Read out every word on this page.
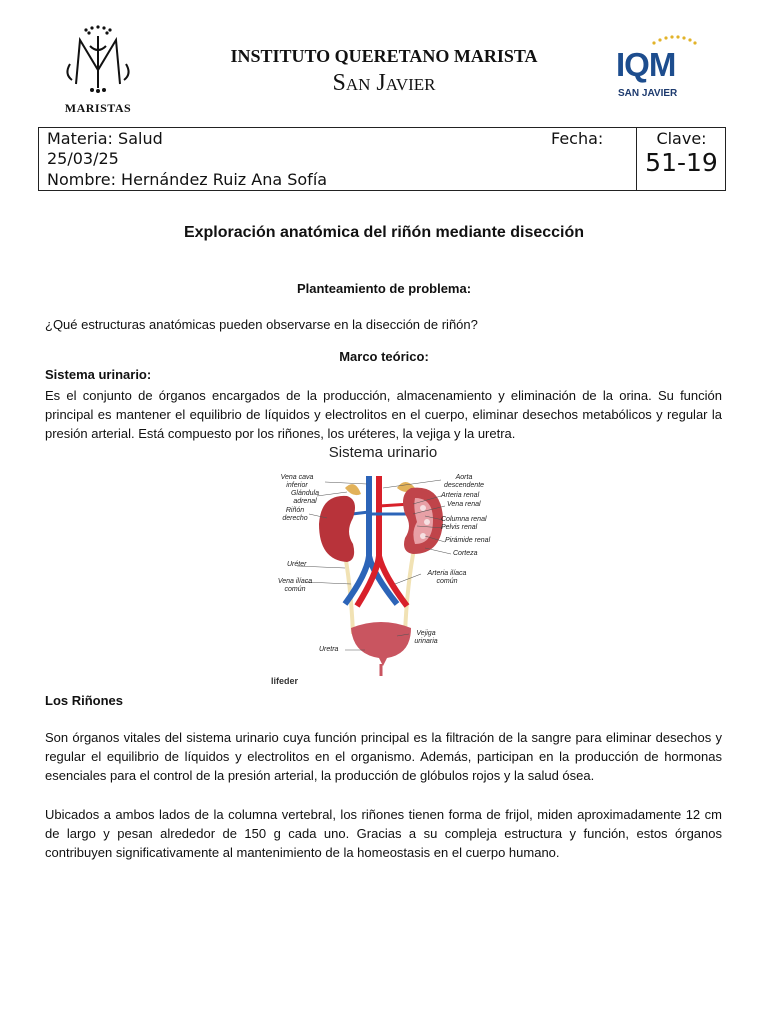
MARISTAS
INSTITUTO QUERETANO MARISTA
San Javier	IQM
SAN JAVIER
Materia: Salud
25/03/25
Nombre: Hernández Ruiz Ana Sofía
Fecha:	Clave:
51-19
Exploración anatómica del riñón mediante disección
Planteamiento de problema:
¿Qué estructuras anatómicas pueden observarse en la disección de riñón?
Marco teórico:
Sistema urinario:
Es el conjunto de órganos encargados de la producción, almacenamiento y eliminación de la orina. Su función principal es mantener el equilibrio de líquidos y electrolitos en el cuerpo, eliminar desechos metabólicos y regular la presión arterial. Está compuesto por los riñones, los uréteres, la vejiga y la uretra.
Sistema urinario
Vena cava inferior
Glándula adrenal
Riñón derecho
Uréter
Vena ilíaca común
Uretra
Aorta descendente
Arteria renal
Vena renal
Columna renal
Pelvis renal
Pirámide renal
Corteza
Arteria ilíaca común
Vejiga urinaria
lifeder
Los Riñones
Son órganos vitales del sistema urinario cuya función principal es la filtración de la sangre para eliminar desechos y regular el equilibrio de líquidos y electrolitos en el organismo. Además, participan en la producción de hormonas esenciales para el control de la presión arterial, la producción de glóbulos rojos y la salud ósea.
Ubicados a ambos lados de la columna vertebral, los riñones tienen forma de frijol, miden aproximadamente 12 cm de largo y pesan alrededor de 150 g cada uno. Gracias a su compleja estructura y función, estos órganos contribuyen significativamente al mantenimiento de la homeostasis en el cuerpo humano.
